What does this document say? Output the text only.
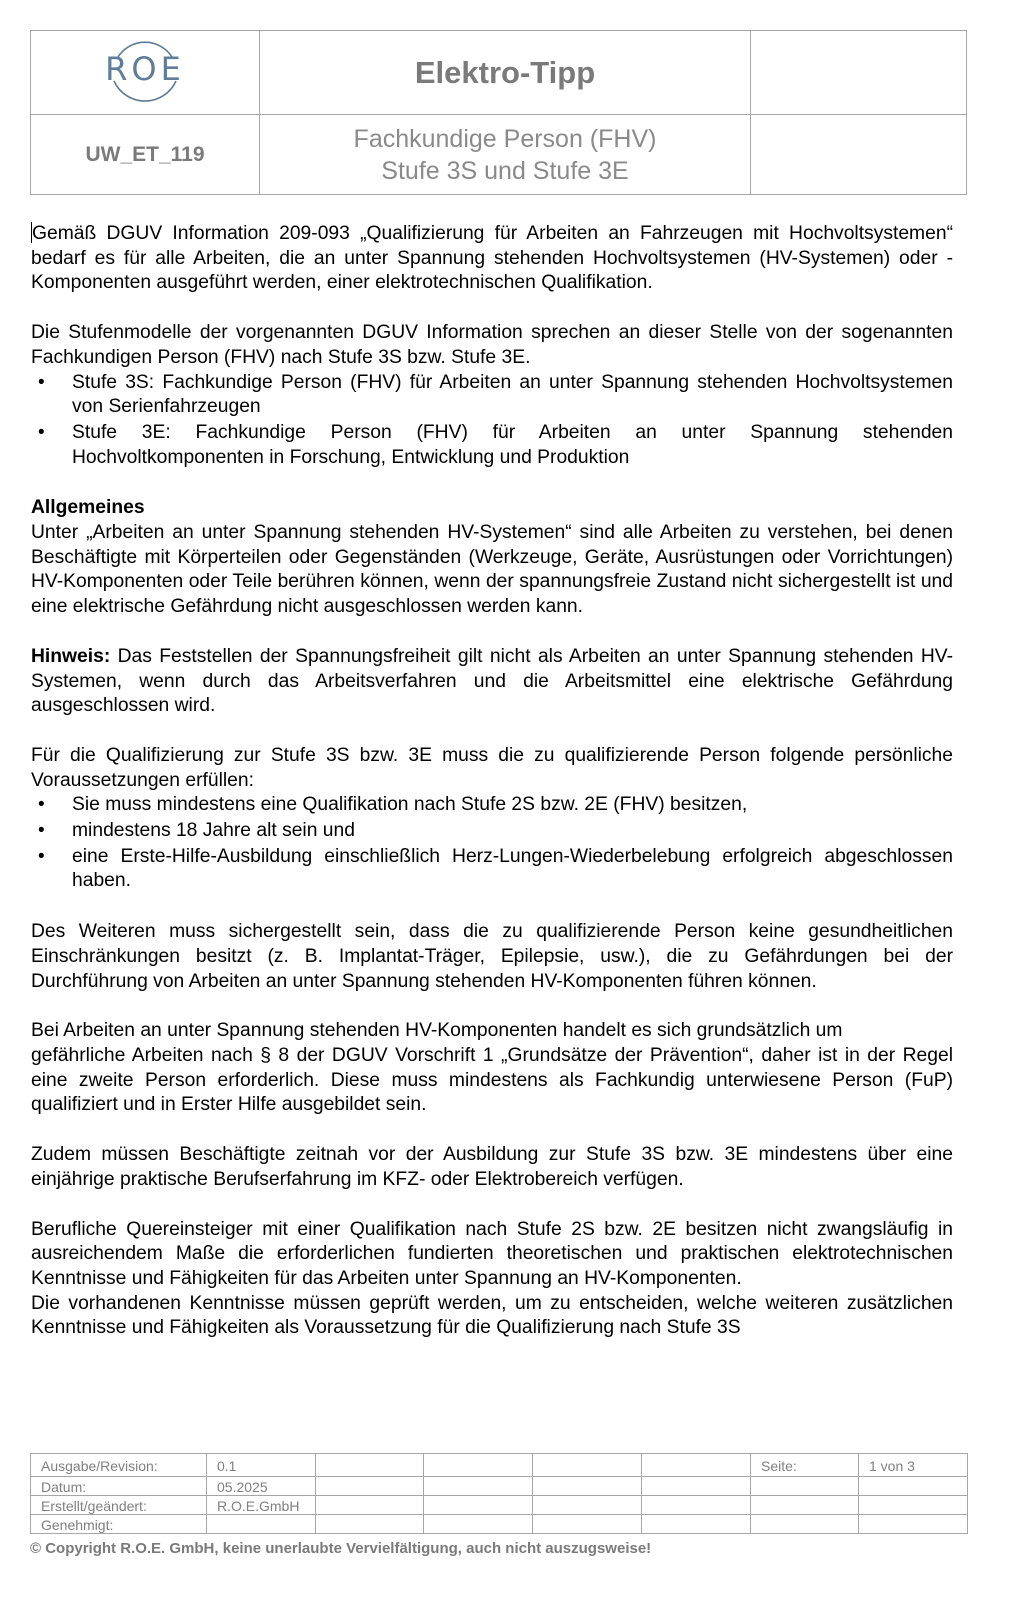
ROE	Elektro-Tipp	
UW_ET_119	Fachkundige Person (FHV)
Stufe 3S und Stufe 3E	

Gemäß DGUV Information 209-093 „Qualifizierung für Arbeiten an Fahrzeugen mit Hochvoltsystemen“ bedarf es für alle Arbeiten, die an unter Spannung stehenden Hochvoltsystemen (HV-Systemen) oder -Komponenten ausgeführt werden, einer elektrotechnischen Qualifikation.

Die Stufenmodelle der vorgenannten DGUV Information sprechen an dieser Stelle von der sogenannten Fachkundigen Person (FHV) nach Stufe 3S bzw. Stufe 3E.

• Stufe 3S: Fachkundige Person (FHV) für Arbeiten an unter Spannung stehenden Hochvoltsystemen von Serienfahrzeugen
• Stufe 3E: Fachkundige Person (FHV) für Arbeiten an unter Spannung stehenden Hochvoltkomponenten in Forschung, Entwicklung und Produktion
Allgemeines

Unter „Arbeiten an unter Spannung stehenden HV-Systemen“ sind alle Arbeiten zu verstehen, bei denen Beschäftigte mit Körperteilen oder Gegenständen (Werkzeuge, Geräte, Ausrüstungen oder Vorrichtungen) HV-Komponenten oder Teile berühren können, wenn der spannungsfreie Zustand nicht sichergestellt ist und eine elektrische Gefährdung nicht ausgeschlossen werden kann.

Hinweis: Das Feststellen der Spannungsfreiheit gilt nicht als Arbeiten an unter Spannung stehenden HV-Systemen, wenn durch das Arbeitsverfahren und die Arbeitsmittel eine elektrische Gefährdung ausgeschlossen wird.

Für die Qualifizierung zur Stufe 3S bzw. 3E muss die zu qualifizierende Person folgende persönliche Voraussetzungen erfüllen:

• Sie muss mindestens eine Qualifikation nach Stufe 2S bzw. 2E (FHV) besitzen,
• mindestens 18 Jahre alt sein und
• eine Erste-Hilfe-Ausbildung einschließlich Herz-Lungen-Wiederbelebung erfolgreich abgeschlossen haben.

Des Weiteren muss sichergestellt sein, dass die zu qualifizierende Person keine gesundheitlichen Einschränkungen besitzt (z. B. Implantat-Träger, Epilepsie, usw.), die zu Gefährdungen bei der Durchführung von Arbeiten an unter Spannung stehenden HV-Komponenten führen können.

Bei Arbeiten an unter Spannung stehenden HV-Komponenten handelt es sich grundsätzlich um

gefährliche Arbeiten nach § 8 der DGUV Vorschrift 1 „Grundsätze der Prävention“, daher ist in der Regel eine zweite Person erforderlich. Diese muss mindestens als Fachkundig unterwiesene Person (FuP) qualifiziert und in Erster Hilfe ausgebildet sein.

Zudem müssen Beschäftigte zeitnah vor der Ausbildung zur Stufe 3S bzw. 3E mindestens über eine einjährige praktische Berufserfahrung im KFZ- oder Elektrobereich verfügen.

Berufliche Quereinsteiger mit einer Qualifikation nach Stufe 2S bzw. 2E besitzen nicht zwangsläufig in ausreichendem Maße die erforderlichen fundierten theoretischen und praktischen elektrotechnischen Kenntnisse und Fähigkeiten für das Arbeiten unter Spannung an HV-Komponenten.

Die vorhandenen Kenntnisse müssen geprüft werden, um zu entscheiden, welche weiteren zusätzlichen Kenntnisse und Fähigkeiten als Voraussetzung für die Qualifizierung nach Stufe 3S

Ausgabe/Revision:	0.1					Seite:	1 von 3
Datum:	05.2025						
Erstellt/geändert:	R.O.E.GmbH						
Genehmigt:							
© Copyright R.O.E. GmbH, keine unerlaubte Vervielfältigung, auch nicht auszugsweise!
